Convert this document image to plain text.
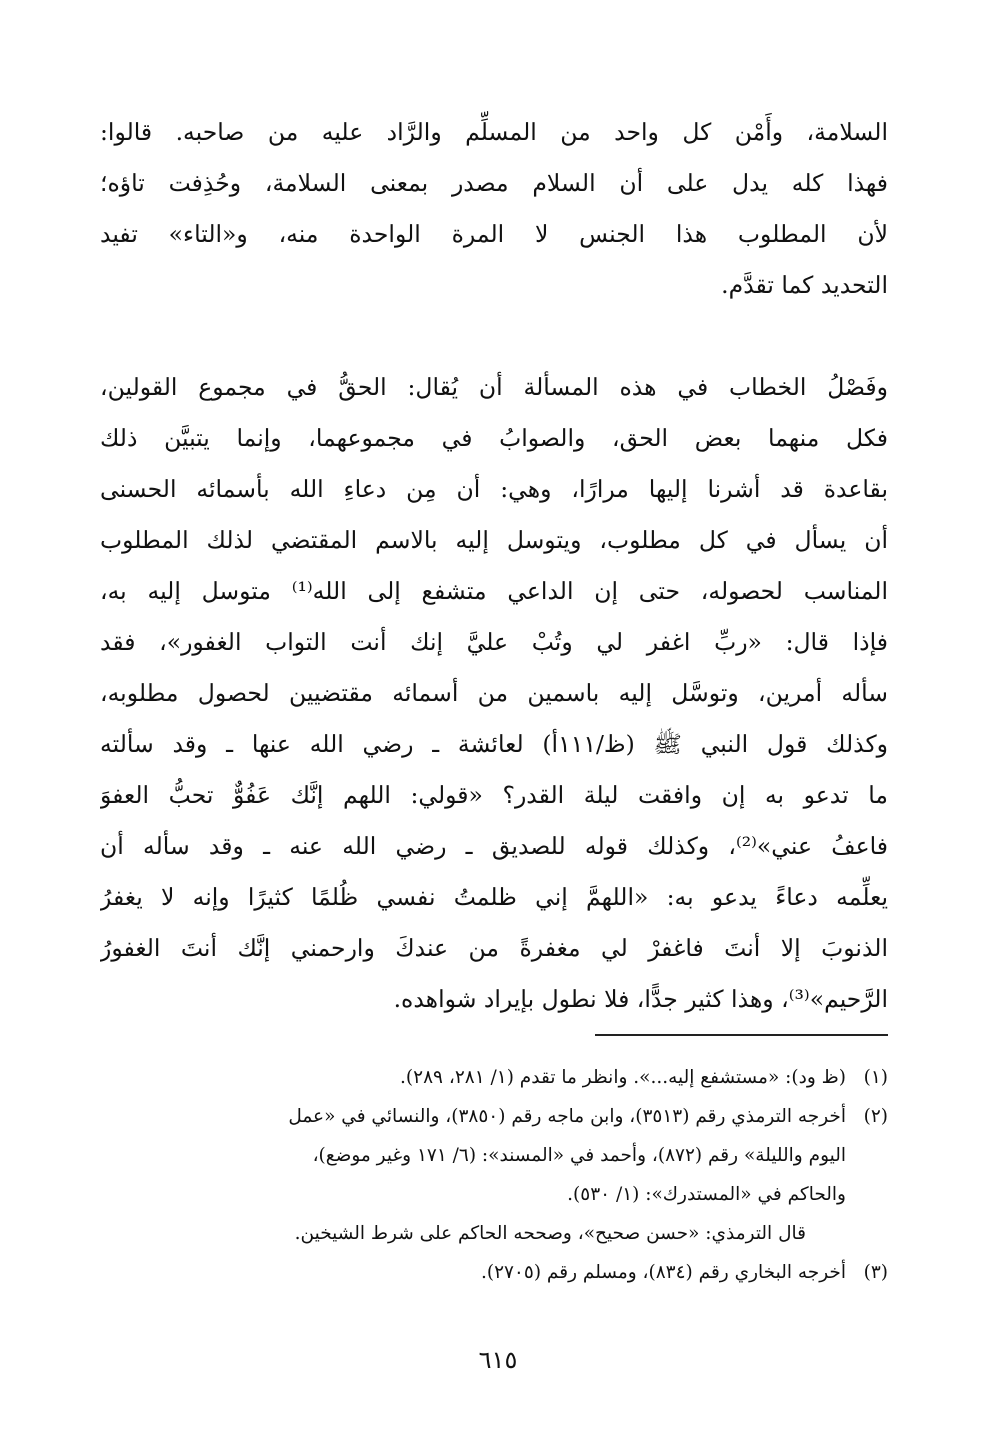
السلامة، وأَمْن كل واحد من المسلِّم والرَّاد عليه من صاحبه. قالوا:
فهذا كله يدل على أن السلام مصدر بمعنى السلامة، وحُذِفت تاؤه؛
لأن المطلوب هذا الجنس لا المرة الواحدة منه، و«التاء» تفيد
التحديد كما تقدَّم.
وفَصْلُ الخطاب في هذه المسألة أن يُقال: الحقُّ في مجموع القولين،
فكل منهما بعض الحق، والصوابُ في مجموعهما، وإنما يتبيَّن ذلك
بقاعدة قد أشرنا إليها مرارًا، وهي: أن مِن دعاءِ الله بأسمائه الحسنى
أن يسأل في كل مطلوب، ويتوسل إليه بالاسم المقتضي لذلك المطلوب
المناسب لحصوله، حتى إن الداعي متشفع إلى الله⁽¹⁾ متوسل إليه به،
فإذا قال: «ربِّ اغفر لي وتُبْ عليَّ إنك أنت التواب الغفور»، فقد
سأله أمرين، وتوسَّل إليه باسمين من أسمائه مقتضيين لحصول مطلوبه،
وكذلك قول النبي ﷺ (ظ/١١١أ) لعائشة ـ رضي الله عنها ـ وقد سألته
ما تدعو به إن وافقت ليلة القدر؟ «قولي: اللهم إنَّك عَفُوٌّ تحبُّ العفوَ
فاعفُ عني»⁽²⁾، وكذلك قوله للصديق ـ رضي الله عنه ـ وقد سأله أن
يعلِّمه دعاءً يدعو به: «اللهمَّ إني ظلمتُ نفسي ظُلمًا كثيرًا وإنه لا يغفرُ
الذنوبَ إلا أنتَ فاغفرْ لي مغفرةً من عندكَ وارحمني إنَّك أنتَ الغفورُ
الرَّحيم»⁽³⁾، وهذا كثير جدًّا، فلا نطول بإيراد شواهده.
(١)(ظ ود): «مستشفع إليه...». وانظر ما تقدم (١/ ٢٨١، ٢٨٩).
(٢)أخرجه الترمذي رقم (٣٥١٣)، وابن ماجه رقم (٣٨٥٠)، والنسائي في «عمل
اليوم والليلة» رقم (٨٧٢)، وأحمد في «المسند»: (٦/ ١٧١ وغير موضع)،
والحاكم في «المستدرك»: (١/ ٥٣٠).
قال الترمذي: «حسن صحيح»، وصححه الحاكم على شرط الشيخين.
(٣)أخرجه البخاري رقم (٨٣٤)، ومسلم رقم (٢٧٠٥).
٦١٥
